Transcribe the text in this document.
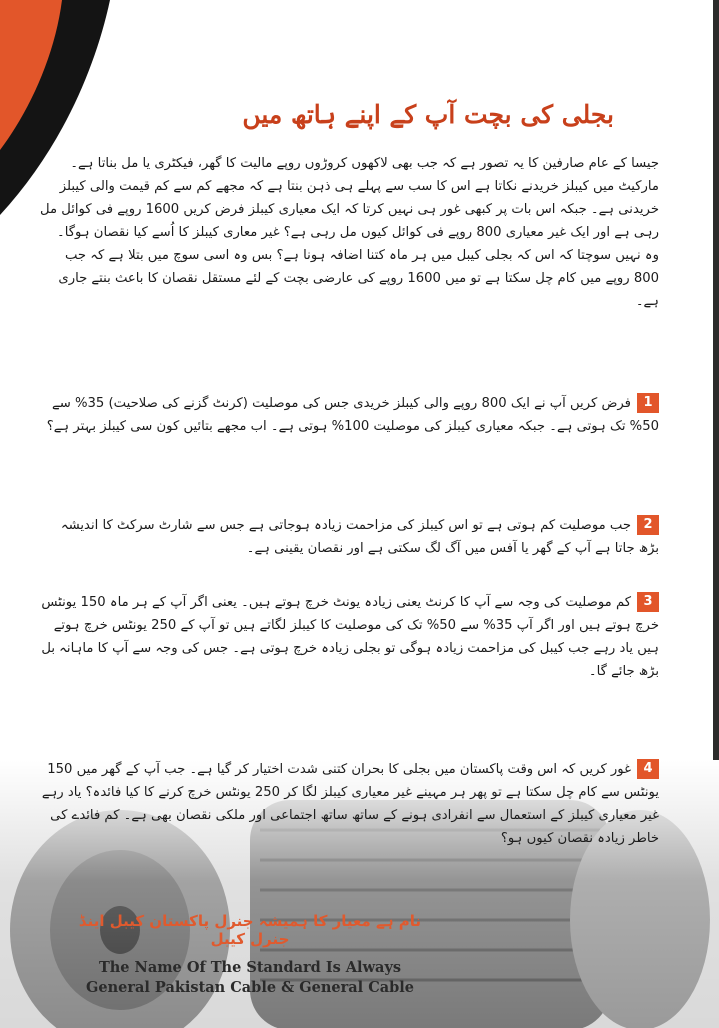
بجلی کی بچت آپ کے اپنے ہاتھ میں
جیسا کے عام صارفین کا یہ تصور ہے کہ جب بھی لاکھوں کروڑوں روپے مالیت کا گھر، فیکٹری یا مل بناتا ہے۔ مارکیٹ میں کیبلز خریدنے نکاتا ہے اس کا سب سے پہلے ہی ذہن بنتا ہے کہ مجھے کم سے کم قیمت والی کیبلز خریدنی ہے۔ جبکہ اس بات پر کبھی غور ہی نہیں کرتا کہ ایک معیاری کیبلز فرض کریں 1600 روپے فی کوائل مل رہی ہے اور ایک غیر معیاری 800 روپے فی کوائل کیوں مل رہی ہے؟ غیر معاری کیبلز کا اُسے کیا نقصان ہوگا۔ وہ نہیں سوچتا کہ اس کہ بجلی کیبل میں ہر ماہ کتنا اضافہ ہونا ہے؟ بس وہ اسی سوچ میں بتلا ہے کہ جب 800 روپے میں کام چل سکتا ہے تو میں 1600 روپے کی عارضی بچت کے لئے مستقل نقصان کا باعث بنتے جاری ہے۔
1فرض کریں آپ نے ایک 800 روپے والی کیبلز خریدی جس کی موصلیت (کرنٹ گزنے کی صلاحیت) 35% سے 50% تک ہوتی ہے۔ جبکہ معیاری کیبلز کی موصلیت 100% ہوتی ہے۔ اب مجھے بتائیں کون سی کیبلز بہتر ہے؟
2جب موصلیت کم ہوتی ہے تو اس کیبلز کی مزاحمت زیادہ ہوجاتی ہے جس سے شارٹ سرکٹ کا اندیشہ بڑھ جاتا ہے آپ کے گھر یا آفس میں آگ لگ سکتی ہے اور نقصان یقینی ہے۔
3کم موصلیت کی وجہ سے آپ کا کرنٹ یعنی زیادہ یونٹ خرچ ہوتے ہیں۔ یعنی اگر آپ کے ہر ماہ 150 یونٹس خرچ ہوتے ہیں اور اگر آپ 35% سے 50% تک کی موصلیت کا کیبلز لگاتے ہیں تو آپ کے 250 یونٹس خرچ ہوتے ہیں یاد رہے جب کیبل کی مزاحمت زیادہ ہوگی تو بجلی زیادہ خرچ ہوتی ہے۔ جس کی وجہ سے آپ کا ماہانہ بل بڑھ جائے گا۔
4غور کریں کہ اس وقت پاکستان میں بجلی کا بحران کتنی شدت اختیار کر گیا ہے۔ جب آپ کے گھر میں 150 یونٹس سے کام چل سکتا ہے تو پھر ہر مہینے غیر معیاری کیبلز لگا کر 250 یونٹس خرچ کرنے کا کیا فائدہ؟ یاد رہے غیر معیاری کیبلز کے استعمال سے انفرادی ہونے کے ساتھ ساتھ اجتماعی اور ملکی نقصان بھی ہے۔ کم فائدے کی خاطر زیادہ نقصان کیوں ہو؟
نام ہے معیار کا ہمیشہ جنرل پاکستان کیبل اینڈ جنرل کیبل
The Name Of The Standard Is Always
General Pakistan Cable & General Cable
